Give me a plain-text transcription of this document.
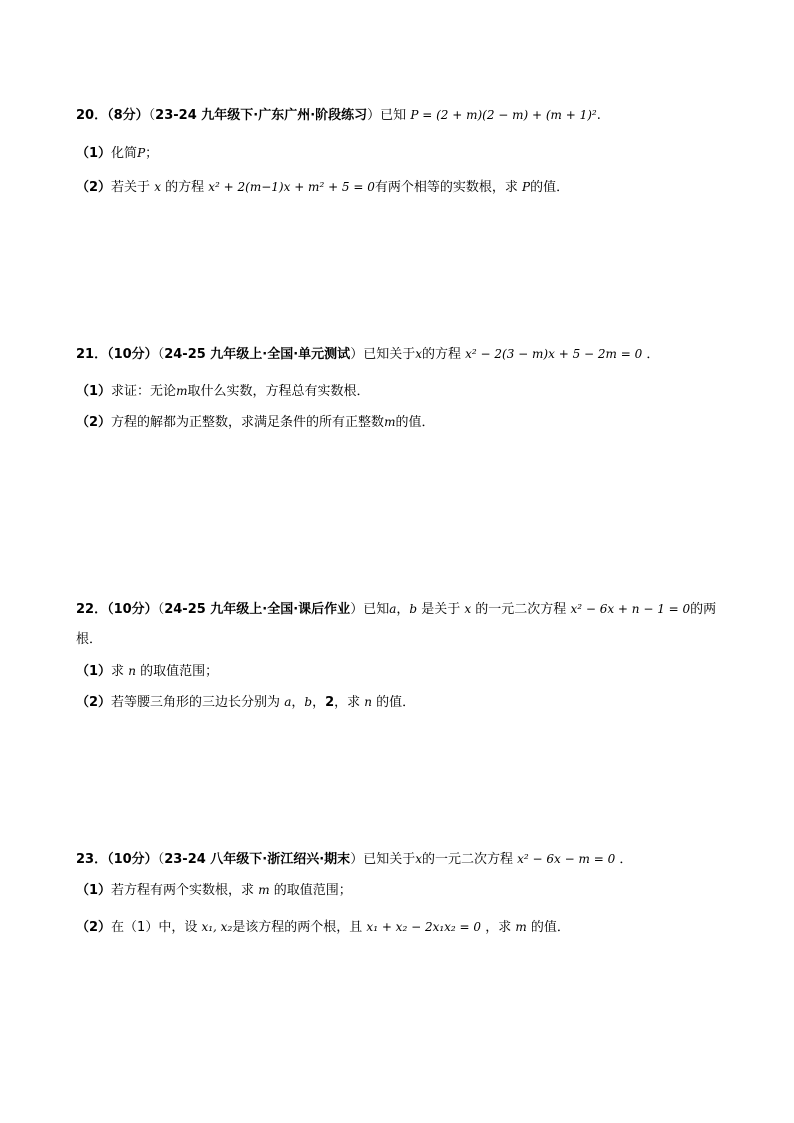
20．（8分）（23-24 九年级下·广东广州·阶段练习）已知 P = (2 + m)(2 − m) + (m + 1)².
（1）化简P；
（2）若关于 x 的方程 x² + 2(m−1)x + m² + 5 = 0有两个相等的实数根，求 P的值．
21．（10分）（24-25 九年级上·全国·单元测试）已知关于x的方程 x² − 2(3 − m)x + 5 − 2m = 0 ．
（1）求证：无论m取什么实数，方程总有实数根．
（2）方程的解都为正整数，求满足条件的所有正整数m的值．
22．（10分）（24-25 九年级上·全国·课后作业）已知a，b 是关于 x 的一元二次方程 x² − 6x + n − 1 = 0的两
根．
（1）求 n 的取值范围；
（2）若等腰三角形的三边长分别为 a，b，2，求 n 的值．
23．（10分）（23-24 八年级下·浙江绍兴·期末）已知关于x的一元二次方程 x² − 6x − m = 0 ．
（1）若方程有两个实数根，求 m 的取值范围；
（2）在（1）中，设 x₁, x₂是该方程的两个根，且 x₁ + x₂ − 2x₁x₂ = 0 ，求 m 的值．
